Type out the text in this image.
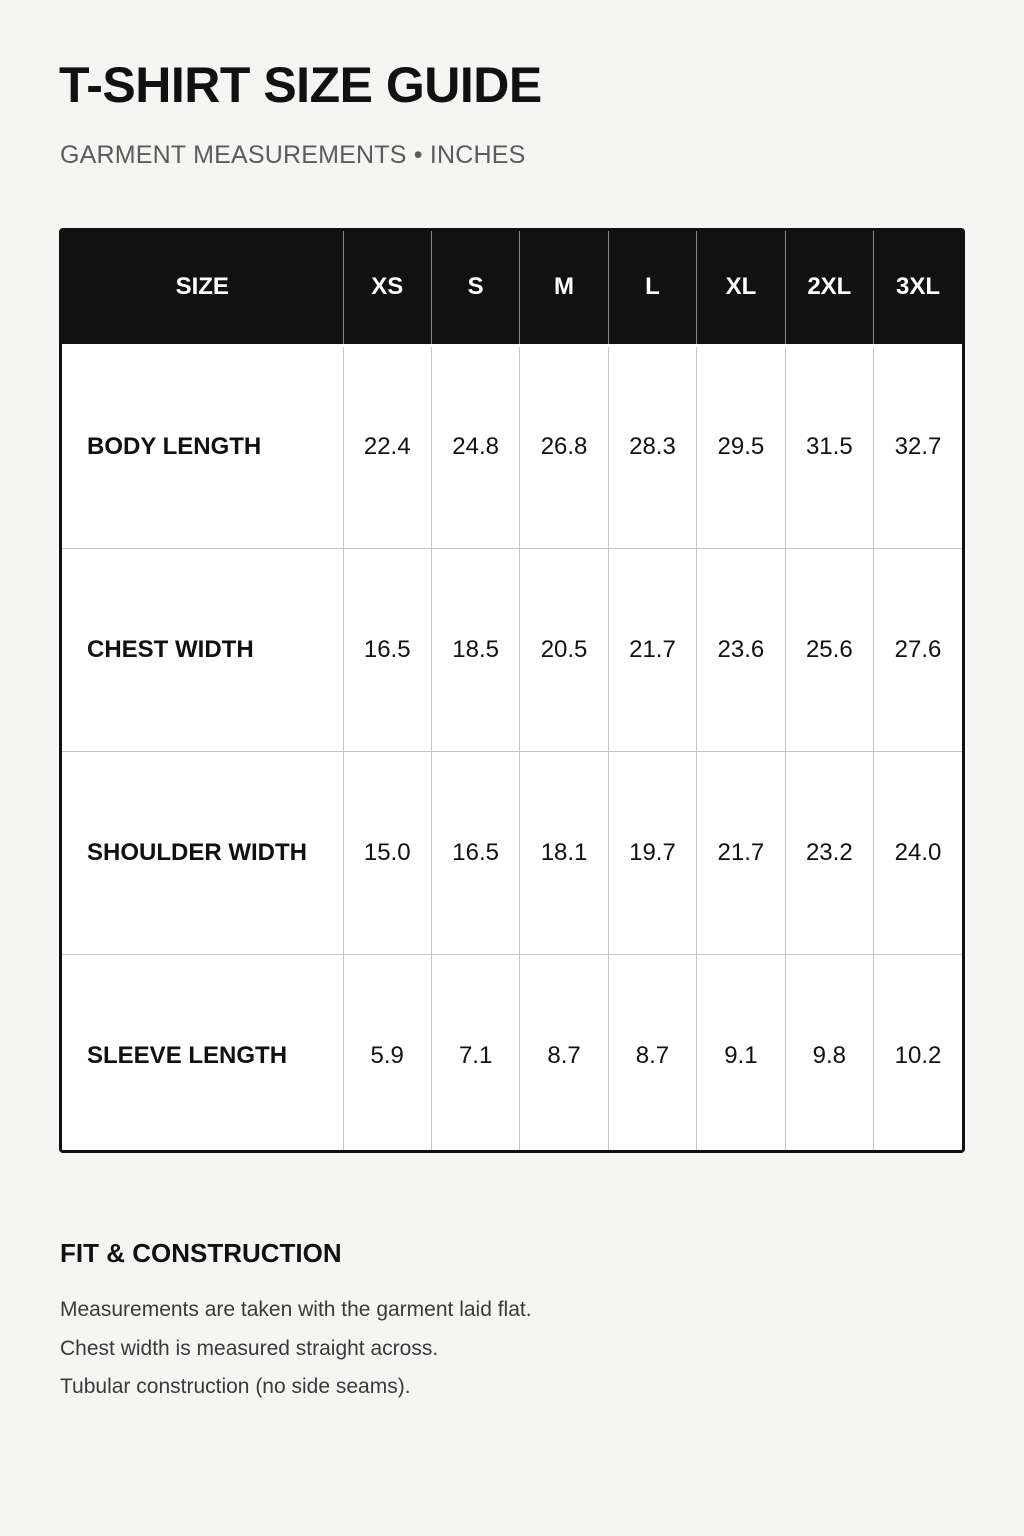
T-SHIRT SIZE GUIDE

GARMENT MEASUREMENTS • INCHES

SIZE	XS	S	M	L	XL	2XL	3XL
BODY LENGTH	22.4	24.8	26.8	28.3	29.5	31.5	32.7
CHEST WIDTH	16.5	18.5	20.5	21.7	23.6	25.6	27.6
SHOULDER WIDTH	15.0	16.5	18.1	19.7	21.7	23.2	24.0
SLEEVE LENGTH	5.9	7.1	8.7	8.7	9.1	9.8	10.2
FIT & CONSTRUCTION
Measurements are taken with the garment laid flat.
Chest width is measured straight across.
Tubular construction (no side seams).
